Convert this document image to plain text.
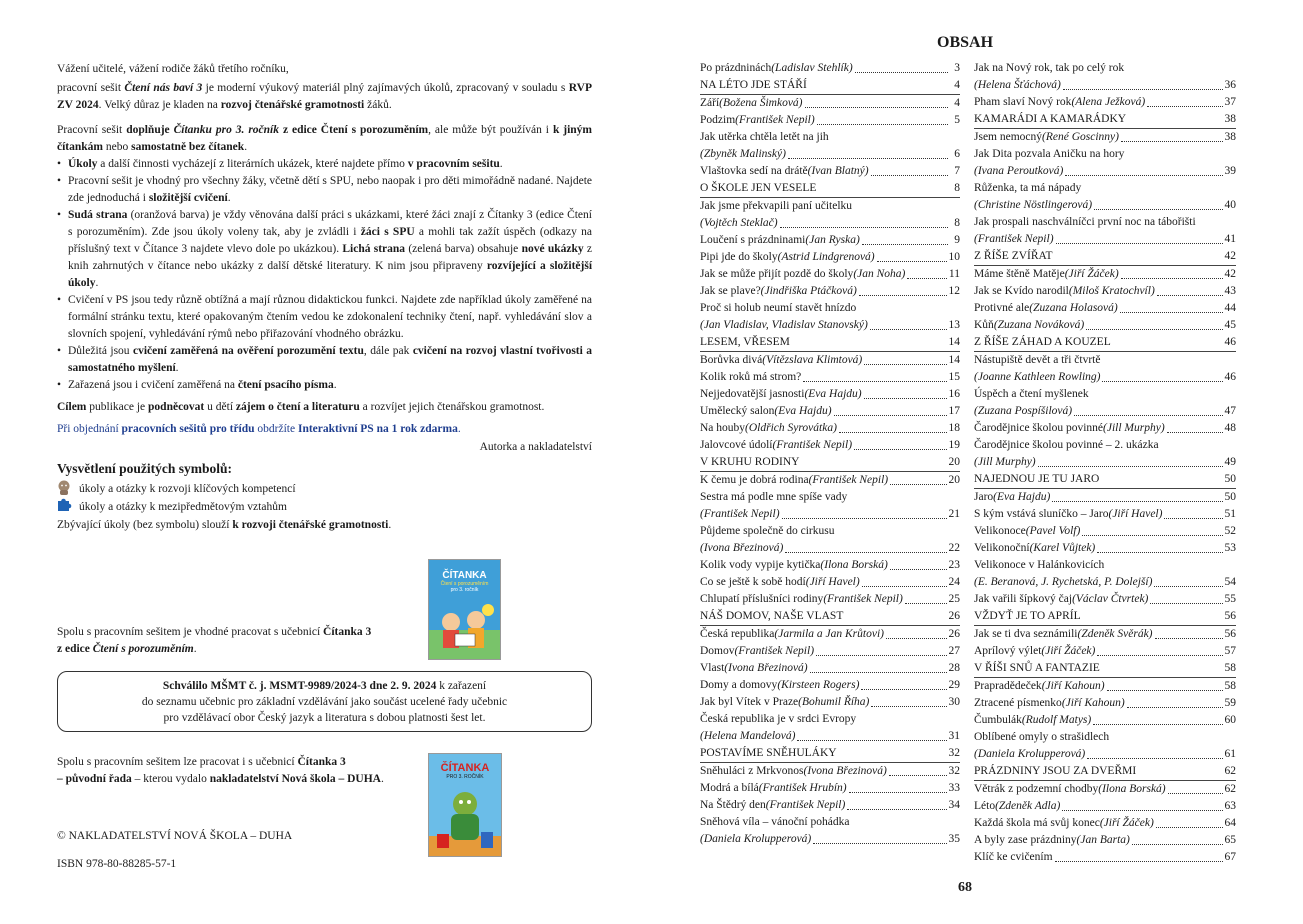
Vážení učitelé, vážení rodiče žáků třetího ročníku,
pracovní sešit Čtení nás baví 3 je moderní výukový materiál plný zajímavých úkolů, zpracovaný v souladu s RVP ZV 2024. Velký důraz je kladen na rozvoj čtenářské gramotnosti žáků.
Pracovní sešit doplňuje Čítanku pro 3. ročník z edice Čtení s porozuměním, ale může být používán i k jiným čítankám nebo samostatně bez čítanek.
• Úkoly a další činnosti vycházejí z literárních ukázek, které najdete přímo v pracovním sešitu.
• Pracovní sešit je vhodný pro všechny žáky, včetně dětí s SPU, nebo naopak i pro děti mimořádně nadané. Najdete zde jednoduchá i složitější cvičení.
• Sudá strana (oranžová barva) je vždy věnována další práci s ukázkami, které žáci znají z Čítanky 3 (edice Čtení s porozuměním). Zde jsou úkoly voleny tak, aby je zvládli i žáci s SPU a mohli tak zažít úspěch (odkazy na příslušný text v Čítance 3 najdete vlevo dole po ukázkou). Lichá strana (zelená barva) obsahuje nové ukázky z knih zahrnutých v čítance nebo ukázky z další dětské literatury. K nim jsou připraveny rozvíjející a složitější úkoly.
• Cvičení v PS jsou tedy různě obtížná a mají různou didaktickou funkci. Najdete zde například úkoly zaměřené na formální stránku textu, které opakovaným čtením vedou ke zdokonalení techniky čtení, např. vyhledávání slov a slovních spojení, vyhledávání rýmů nebo přiřazování vhodného obrázku.
• Důležitá jsou cvičení zaměřená na ověření porozumění textu, dále pak cvičení na rozvoj vlastní tvořivosti a samostatného myšlení.
• Zařazená jsou i cvičení zaměřená na čtení psacího písma.
Cílem publikace je podněcovat u dětí zájem o čtení a literaturu a rozvíjet jejich čtenářskou gramotnost.
Při objednání pracovních sešitů pro třídu obdržíte Interaktivní PS na 1 rok zdarma.
Autorka a nakladatelství
Vysvětlení použitých symbolů:
úkoly a otázky k rozvoji klíčových kompetencí
úkoly a otázky k mezipředmětovým vztahům
Zbývající úkoly (bez symbolu) slouží k rozvoji čtenářské gramotnosti.
ČÍTANKA
Čtení s porozuměním
pro 3. ročník
Spolu s pracovním sešitem je vhodné pracovat s učebnicí Čítanka 3
z edice Čtení s porozuměním.
Spolu s pracovním sešitem lze pracovat i s učebnicí Čítanka 3
– původní řada – kterou vydalo nakladatelství Nová škola – DUHA.
ČÍTANKA
PRO 3. ROČNÍK
© NAKLADATELSTVÍ NOVÁ ŠKOLA – DUHA
ISBN 978-80-88285-57-1
Schválilo MŠMT č. j. MSMT-9989/2024-3 dne 2. 9. 2024 k zařazení
do seznamu učebnic pro základní vzdělávání jako součást ucelené řady učebnic
pro vzdělávací obor Český jazyk a literatura s dobou platnosti šest let.
OBSAH
Po prázdninách (Ladislav Stehlík)	3
NA LÉTO JDE STÁŘÍ	4
Září (Božena Šimková)	4
Podzim (František Nepil)	5
Jak utěrka chtěla letět na jih
(Zbyněk Malinský)	6
Vlaštovka sedí na drátě (Ivan Blatný)	7
O ŠKOLE JEN VESELE	8
Jak jsme překvapili paní učitelku
(Vojtěch Steklač)	8
Loučení s prázdninami (Jan Ryska)	9
Pipi jde do školy (Astrid Lindgrenová)	10
Jak se může přijít pozdě do školy (Jan Noha)	11
Jak se plave? (Jindřiška Ptáčková)	12
Proč si holub neumí stavět hnízdo
(Jan Vladislav, Vladislav Stanovský)	13
LESEM, VŘESEM	14
Borůvka divá (Vítězslava Klimtová)	14
Kolik roků má strom?	15
Nejjedovatější jasnosti (Eva Hajdu)	16
Umělecký salon (Eva Hajdu)	17
Na houby (Oldřich Syrovátka)	18
Jalovcové údolí (František Nepil)	19
V KRUHU RODINY	20
K čemu je dobrá rodina (František Nepil)	20
Sestra má podle mne spíše vady
(František Nepil)	21
Půjdeme společně do cirkusu
(Ivona Březinová)	22
Kolik vody vypije kytička (Ilona Borská)	23
Co se ještě k sobě hodí (Jiří Havel)	24
Chlupatí příslušníci rodiny (František Nepil)	25
NÁŠ DOMOV, NAŠE VLAST	26
Česká republika (Jarmila a Jan Krůtovi)	26
Domov (František Nepil)	27
Vlast (Ivona Březinová)	28
Domy a domovy (Kirsteen Rogers)	29
Jak byl Vítek v Praze (Bohumil Říha)	30
Česká republika je v srdci Evropy
(Helena Mandelová)	31
POSTAVÍME SNĚHULÁKY	32
Sněhuláci z Mrkvonos (Ivona Březinová)	32
Modrá a bílá (František Hrubín)	33
Na Štědrý den (František Nepil)	34
Sněhová víla – vánoční pohádka
(Daniela Krolupperová)	35
Jak na Nový rok, tak po celý rok
(Helena Šťáchová)	36
Pham slaví Nový rok (Alena Ježková)	37
KAMARÁDI A KAMARÁDKY	38
Jsem nemocný (René Goscinny)	38
Jak Dita pozvala Aničku na hory
(Ivana Peroutková)	39
Růženka, ta má nápady
(Christine Nöstlingerová)	40
Jak prospali naschválníčci první noc na tábořišti
(František Nepil)	41
Z ŘÍŠE ZVÍŘAT	42
Máme štěně Matěje (Jiří Žáček)	42
Jak se Kvído narodil (Miloš Kratochvíl)	43
Protivné ale (Zuzana Holasová)	44
Kůň (Zuzana Nováková)	45
Z ŘÍŠE ZÁHAD A KOUZEL	46
Nástupiště devět a tři čtvrtě
(Joanne Kathleen Rowling)	46
Úspěch a čtení myšlenek
(Zuzana Pospíšilová)	47
Čarodějnice školou povinné (Jill Murphy)	48
Čarodějnice školou povinné – 2. ukázka
(Jill Murphy)	49
NAJEDNOU JE TU JARO	50
Jaro (Eva Hajdu)	50
S kým vstává sluníčko – Jaro (Jiří Havel)	51
Velikonoce (Pavel Volf)	52
Velikonoční (Karel Vůjtek)	53
Velikonoce v Halánkovicích
(E. Beranová, J. Rychetská, P. Dolejší)	54
Jak vařili šípkový čaj (Václav Čtvrtek)	55
VŽDYŤ JE TO APRÍL	56
Jak se ti dva seznámili (Zdeněk Svěrák)	56
Aprílový výlet (Jiří Žáček)	57
V ŘÍŠI SNŮ A FANTAZIE	58
Prapradědeček (Jiří Kahoun)	58
Ztracené písmenko (Jiří Kahoun)	59
Čumbulák (Rudolf Matys)	60
Oblíbené omyly o strašidlech
(Daniela Krolupperová)	61
PRÁZDNINY JSOU ZA DVEŘMI	62
Větrák z podzemní chodby (Ilona Borská)	62
Léto (Zdeněk Adla)	63
Každá škola má svůj konec (Jiří Žáček)	64
A byly zase prázdniny (Jan Barta)	65
Klíč ke cvičením	67
68
